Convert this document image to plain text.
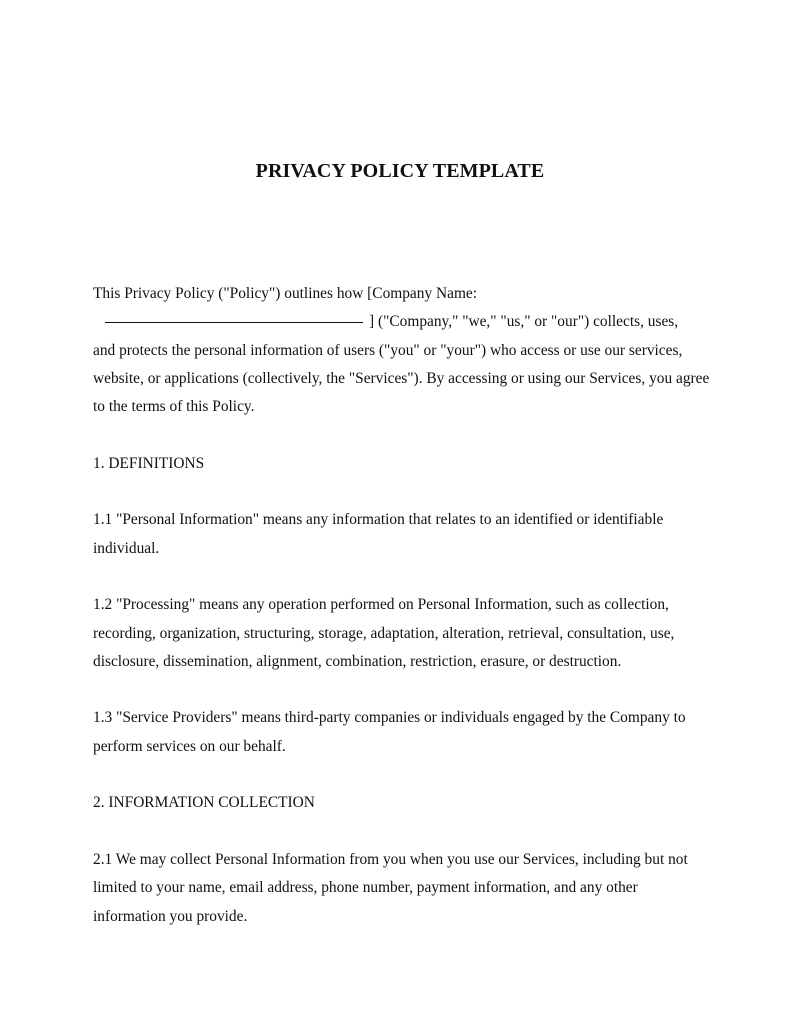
PRIVACY POLICY TEMPLATE

This Privacy Policy ("Policy") outlines how [Company Name:

] ("Company," "we," "us," or "our") collects, uses,

and protects the personal information of users ("you" or "your") who access or use our services, website, or applications (collectively, the "Services"). By accessing or using our Services, you agree to the terms of this Policy.

1. DEFINITIONS

1.1 "Personal Information" means any information that relates to an identified or identifiable individual.

1.2 "Processing" means any operation performed on Personal Information, such as collection, recording, organization, structuring, storage, adaptation, alteration, retrieval, consultation, use, disclosure, dissemination, alignment, combination, restriction, erasure, or destruction.

1.3 "Service Providers" means third-party companies or individuals engaged by the Company to perform services on our behalf.

2. INFORMATION COLLECTION

2.1 We may collect Personal Information from you when you use our Services, including but not limited to your name, email address, phone number, payment information, and any other information you provide.
